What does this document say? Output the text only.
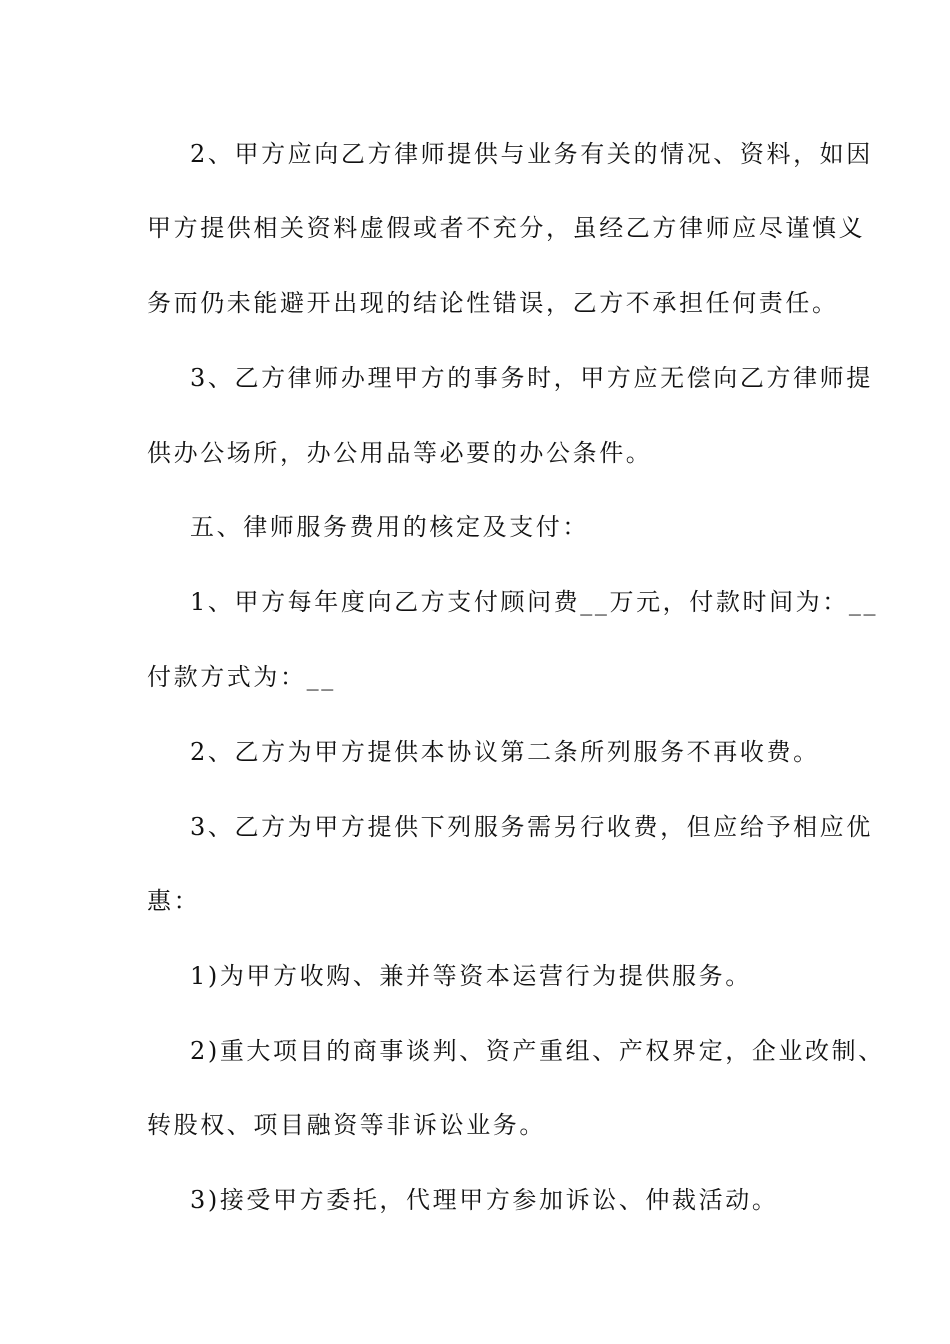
2、甲方应向乙方律师提供与业务有关的情况、资料，如因
甲方提供相关资料虚假或者不充分，虽经乙方律师应尽谨慎义
务而仍未能避开出现的结论性错误，乙方不承担任何责任。
3、乙方律师办理甲方的事务时，甲方应无偿向乙方律师提
供办公场所，办公用品等必要的办公条件。
五、律师服务费用的核定及支付：
1、甲方每年度向乙方支付顾问费__万元，付款时间为：__
付款方式为：__
2、乙方为甲方提供本协议第二条所列服务不再收费。
3、乙方为甲方提供下列服务需另行收费，但应给予相应优
惠：
1)为甲方收购、兼并等资本运营行为提供服务。
2)重大项目的商事谈判、资产重组、产权界定，企业改制、
转股权、项目融资等非诉讼业务。
3)接受甲方委托，代理甲方参加诉讼、仲裁活动。
